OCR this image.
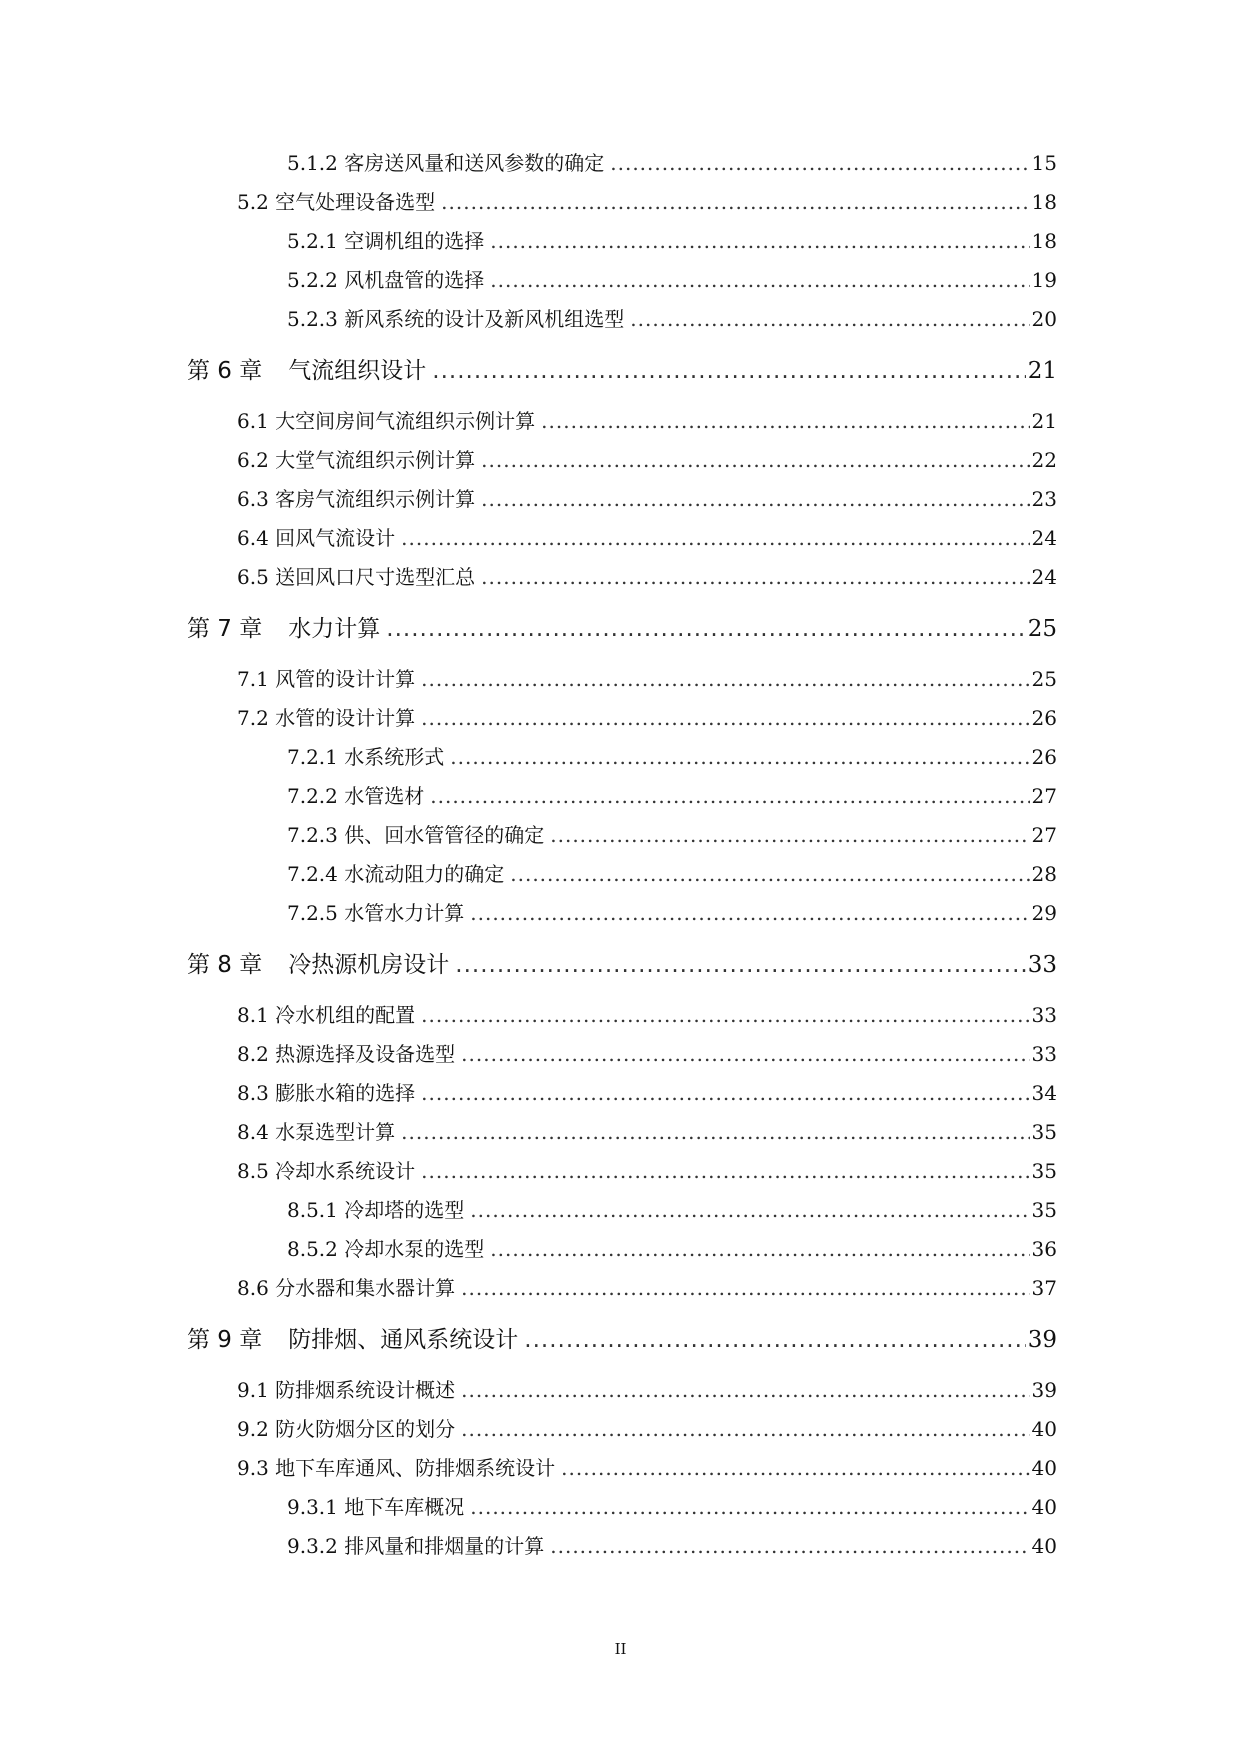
5.1.2 客房送风量和送风参数的确定 .....	15
5.2 空气处理设备选型 .....	18
5.2.1 空调机组的选择 .....	18
5.2.2 风机盘管的选择 .....	19
5.2.3 新风系统的设计及新风机组选型 .....	20
第 6 章 气流组织设计 .....	21
6.1 大空间房间气流组织示例计算 .....	21
6.2 大堂气流组织示例计算 .....	22
6.3 客房气流组织示例计算 .....	23
6.4 回风气流设计 .....	24
6.5 送回风口尺寸选型汇总 .....	24
第 7 章 水力计算 .....	25
7.1 风管的设计计算 .....	25
7.2 水管的设计计算 .....	26
7.2.1 水系统形式 .....	26
7.2.2 水管选材 .....	27
7.2.3 供、回水管管径的确定 .....	27
7.2.4 水流动阻力的确定 .....	28
7.2.5 水管水力计算 .....	29
第 8 章 冷热源机房设计 .....	33
8.1 冷水机组的配置 .....	33
8.2 热源选择及设备选型 .....	33
8.3 膨胀水箱的选择 .....	34
8.4 水泵选型计算 .....	35
8.5 冷却水系统设计 .....	35
8.5.1 冷却塔的选型 .....	35
8.5.2 冷却水泵的选型 .....	36
8.6 分水器和集水器计算 .....	37
第 9 章 防排烟、通风系统设计 .....	39
9.1 防排烟系统设计概述 .....	39
9.2 防火防烟分区的划分 .....	40
9.3 地下车库通风、防排烟系统设计 .....	40
9.3.1 地下车库概况 .....	40
9.3.2 排风量和排烟量的计算 .....	40
II
